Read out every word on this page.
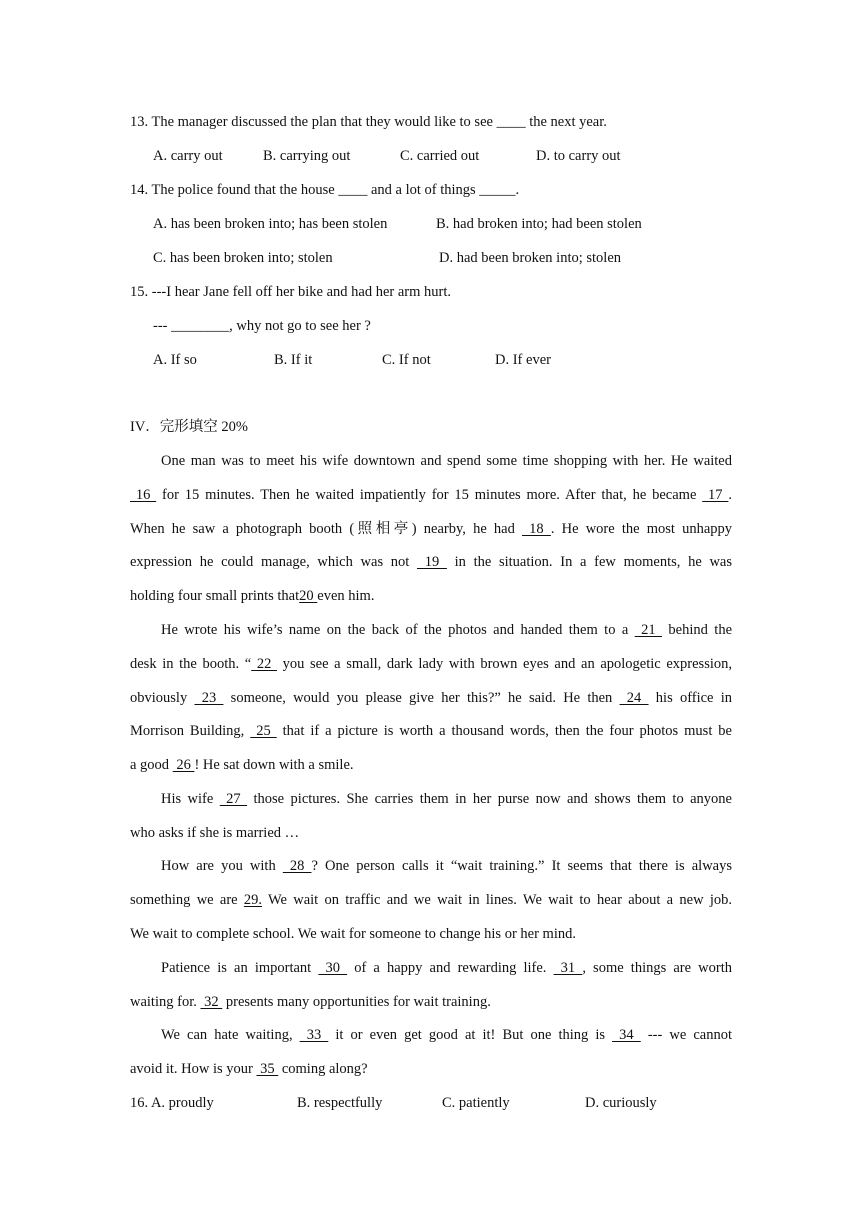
13. The manager discussed the plan that they would like to see ____ the next year.
A. carry out	B. carrying out	C. carried out	D. to carry out
14. The police found that the house ____ and a lot of things _____.
A. has been broken into; has been stolen	B. had broken into; had been stolen
C. has been broken into; stolen	D. had been broken into; stolen
15. ---I hear Jane fell off her bike and had her arm hurt.
--- ________, why not go to see her ?
A. If so	B. If it	C. If not	D. If ever
IV．完形填空 20%
One man was to meet his wife downtown and spend some time shopping with her. He waited
16  for 15 minutes. Then he waited impatiently for 15 minutes more. After that, he became  17 .
When he saw a photograph booth (照相亭) nearby, he had  18 . He wore the most unhappy
expression he could manage, which was not  19  in the situation. In a few moments, he was
holding four small prints that20 even him.
He wrote his wife’s name on the back of the photos and handed them to a  21  behind the
desk in the booth. “ 22  you see a small, dark lady with brown eyes and an apologetic expression,
obviously  23  someone, would you please give her this?” he said. He then  24  his office in
Morrison Building,  25  that if a picture is worth a thousand words, then the four photos must be
a good  26 ! He sat down with a smile.
His wife  27  those pictures. She carries them in her purse now and shows them to anyone
who asks if she is married …
How are you with  28 ? One person calls it “wait training.” It seems that there is always
something we are 29. We wait on traffic and we wait in lines. We wait to hear about a new job.
We wait to complete school. We wait for someone to change his or her mind.
Patience is an important  30  of a happy and rewarding life.  31 , some things are worth
waiting for.  32  presents many opportunities for wait training.
We can hate waiting,  33  it or even get good at it! But one thing is  34  --- we cannot
avoid it. How is your  35  coming along?
16. A. proudly	B. respectfully	C. patiently	D. curiously
